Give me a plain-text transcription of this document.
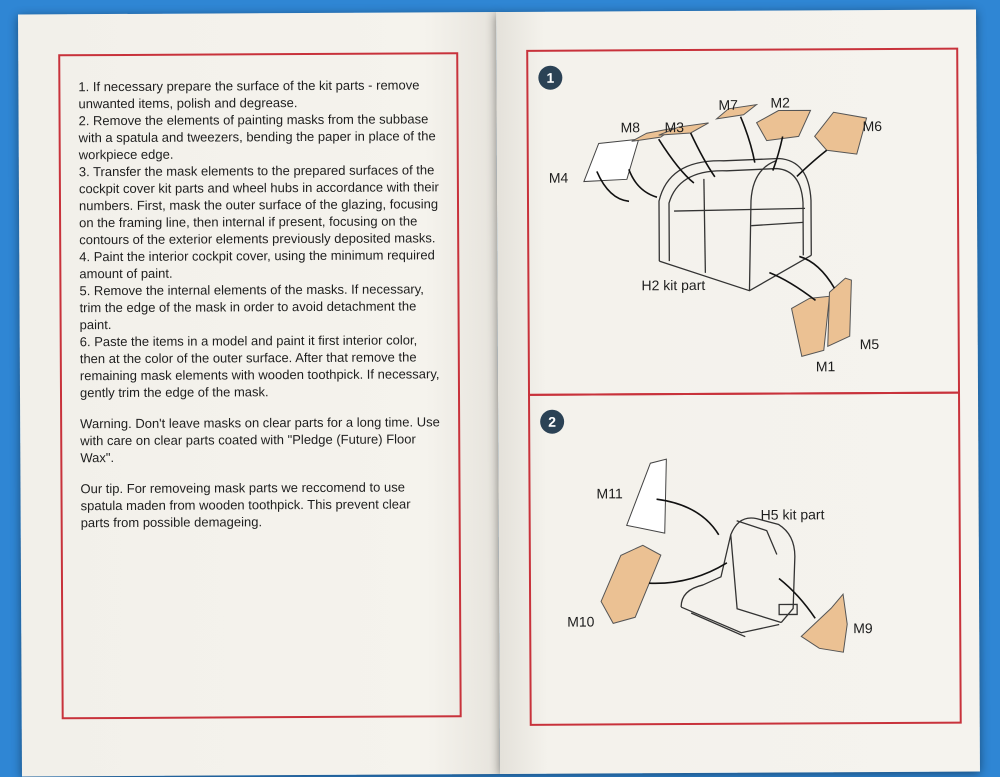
1. If necessary prepare the surface of the kit parts - remove unwanted items, polish and degrease.

2. Remove the elements of painting masks from the subbase with a spatula and tweezers, bending the paper in place of the workpiece edge.

3. Transfer the mask elements to the prepared surfaces of the cockpit cover kit parts and wheel hubs in accordance with their numbers. First, mask the outer surface of the glazing, focusing on the framing line, then internal if present, focusing on the contours of the exterior elements previously deposited masks.

4. Paint the interior cockpit cover, using the minimum required amount of paint.

5. Remove the internal elements of the masks. If necessary, trim the edge of the mask in order to avoid detachment the paint.

6. Paste the items in a model and paint it first interior color, then at the color of the outer surface. After that remove the remaining mask elements with wooden toothpick. If necessary, gently trim the edge of the mask.

Warning. Don't leave masks on clear parts for a long time. Use with care on clear parts coated with "Pledge (Future) Floor Wax".

Our tip. For removeing mask parts we reccomend to use spatula maden from wooden toothpick. This prevent clear parts from possible demageing.

1
M8 M3
M7 M2
M6
M4
M5
M1
H2 kit part
2
M11
M10	M9
H5 kit part
